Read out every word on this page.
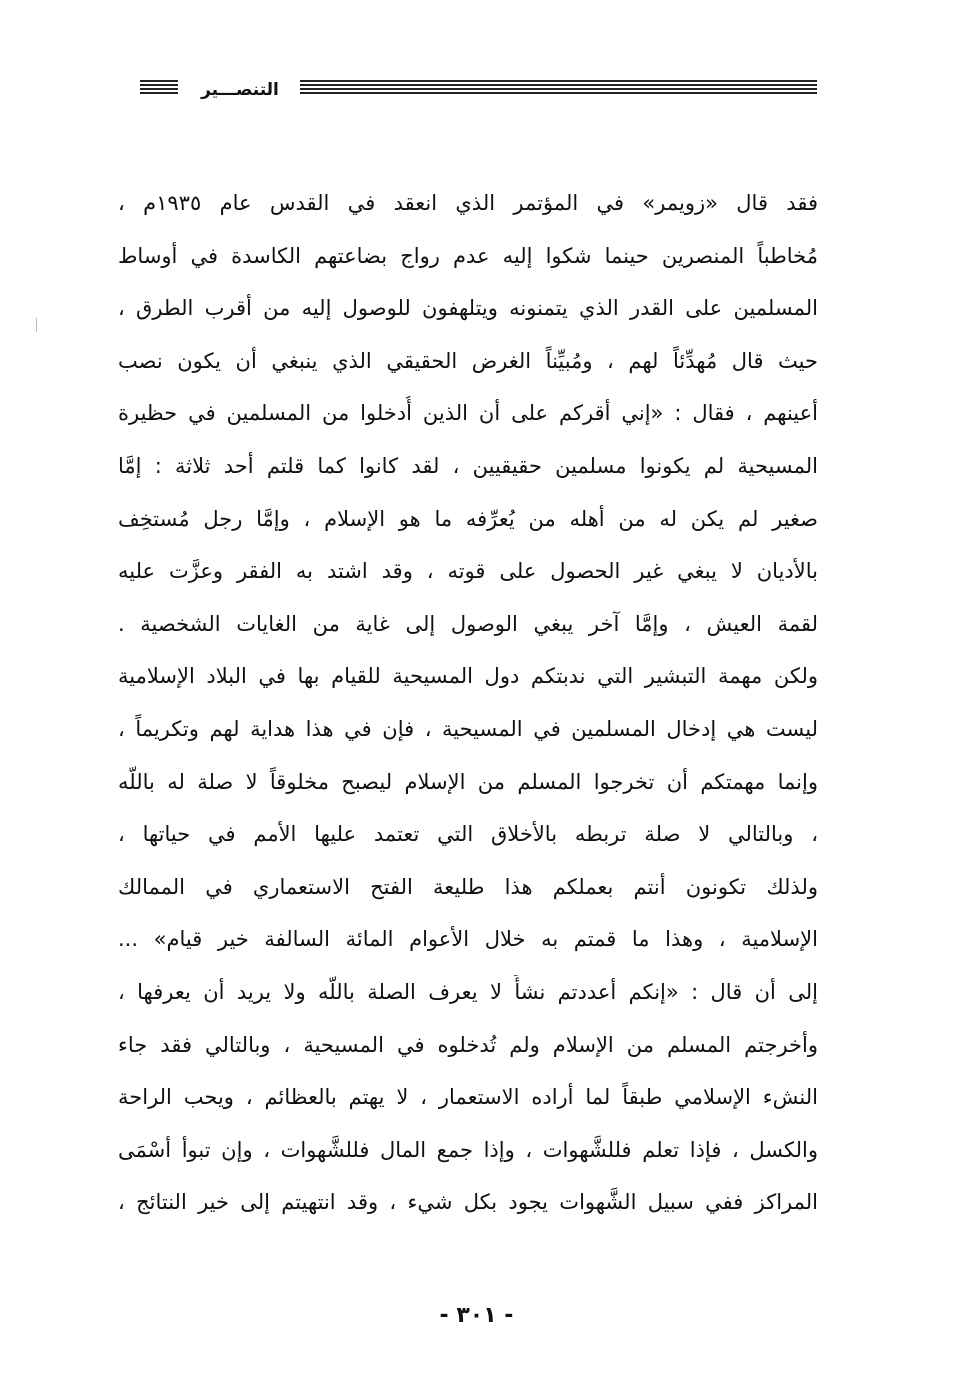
التنصـــير
فقد قال «زويمر» في المؤتمر الذي انعقد في القدس عام ١٩٣٥م ،
مُخاطباً المنصرين حينما شكوا إليه عدم رواج بضاعتهم الكاسدة في أوساط
المسلمين على القدر الذي يتمنونه ويتلهفون للوصول إليه من أقرب الطرق ،
حيث قال مُهدِّئاً لهم ، ومُبيِّناً الغرض الحقيقي الذي ينبغي أن يكون نصب
أعينهم ، فقال : «إني أقركم على أن الذين أُدخلوا من المسلمين في حظيرة
المسيحية لم يكونوا مسلمين حقيقيين ، لقد كانوا كما قلتم أحد ثلاثة : إمَّا
صغير لم يكن له من أهله من يُعرِّفه ما هو الإسلام ، وإمَّا رجل مُستخِف
بالأديان لا يبغي غير الحصول على قوته ، وقد اشتد به الفقر وعزَّت عليه
لقمة العيش ، وإمَّا آخر يبغي الوصول إلى غاية من الغايات الشخصية .
ولكن مهمة التبشير التي ندبتكم دول المسيحية للقيام بها في البلاد الإسلامية
ليست هي إدخال المسلمين في المسيحية ، فإن في هذا هداية لهم وتكريماً ،
وإنما مهمتكم أن تخرجوا المسلم من الإسلام ليصبح مخلوقاً لا صلة له باللّه
، وبالتالي لا صلة تربطه بالأخلاق التي تعتمد عليها الأمم في حياتها ،
ولذلك تكونون أنتم بعملكم هذا طليعة الفتح الاستعماري في الممالك
الإسلامية ، وهذا ما قمتم به خلال الأعوام المائة السالفة خير قيام» ...
إلى أن قال : «إنكم أعددتم نشأً لا يعرف الصلة باللّه ولا يريد أن يعرفها ،
وأخرجتم المسلم من الإسلام ولم تُدخلوه في المسيحية ، وبالتالي فقد جاء
النشء الإسلامي طبقاً لما أراده الاستعمار ، لا يهتم بالعظائم ، ويحب الراحة
والكسل ، فإذا تعلم فللشَّهوات ، وإذا جمع المال فللشَّهوات ، وإن تبوأ أسْمَى
المراكز ففي سبيل الشَّهوات يجود بكل شيء ، وقد انتهيتم إلى خير النتائج ،
- ٣٠١ -
